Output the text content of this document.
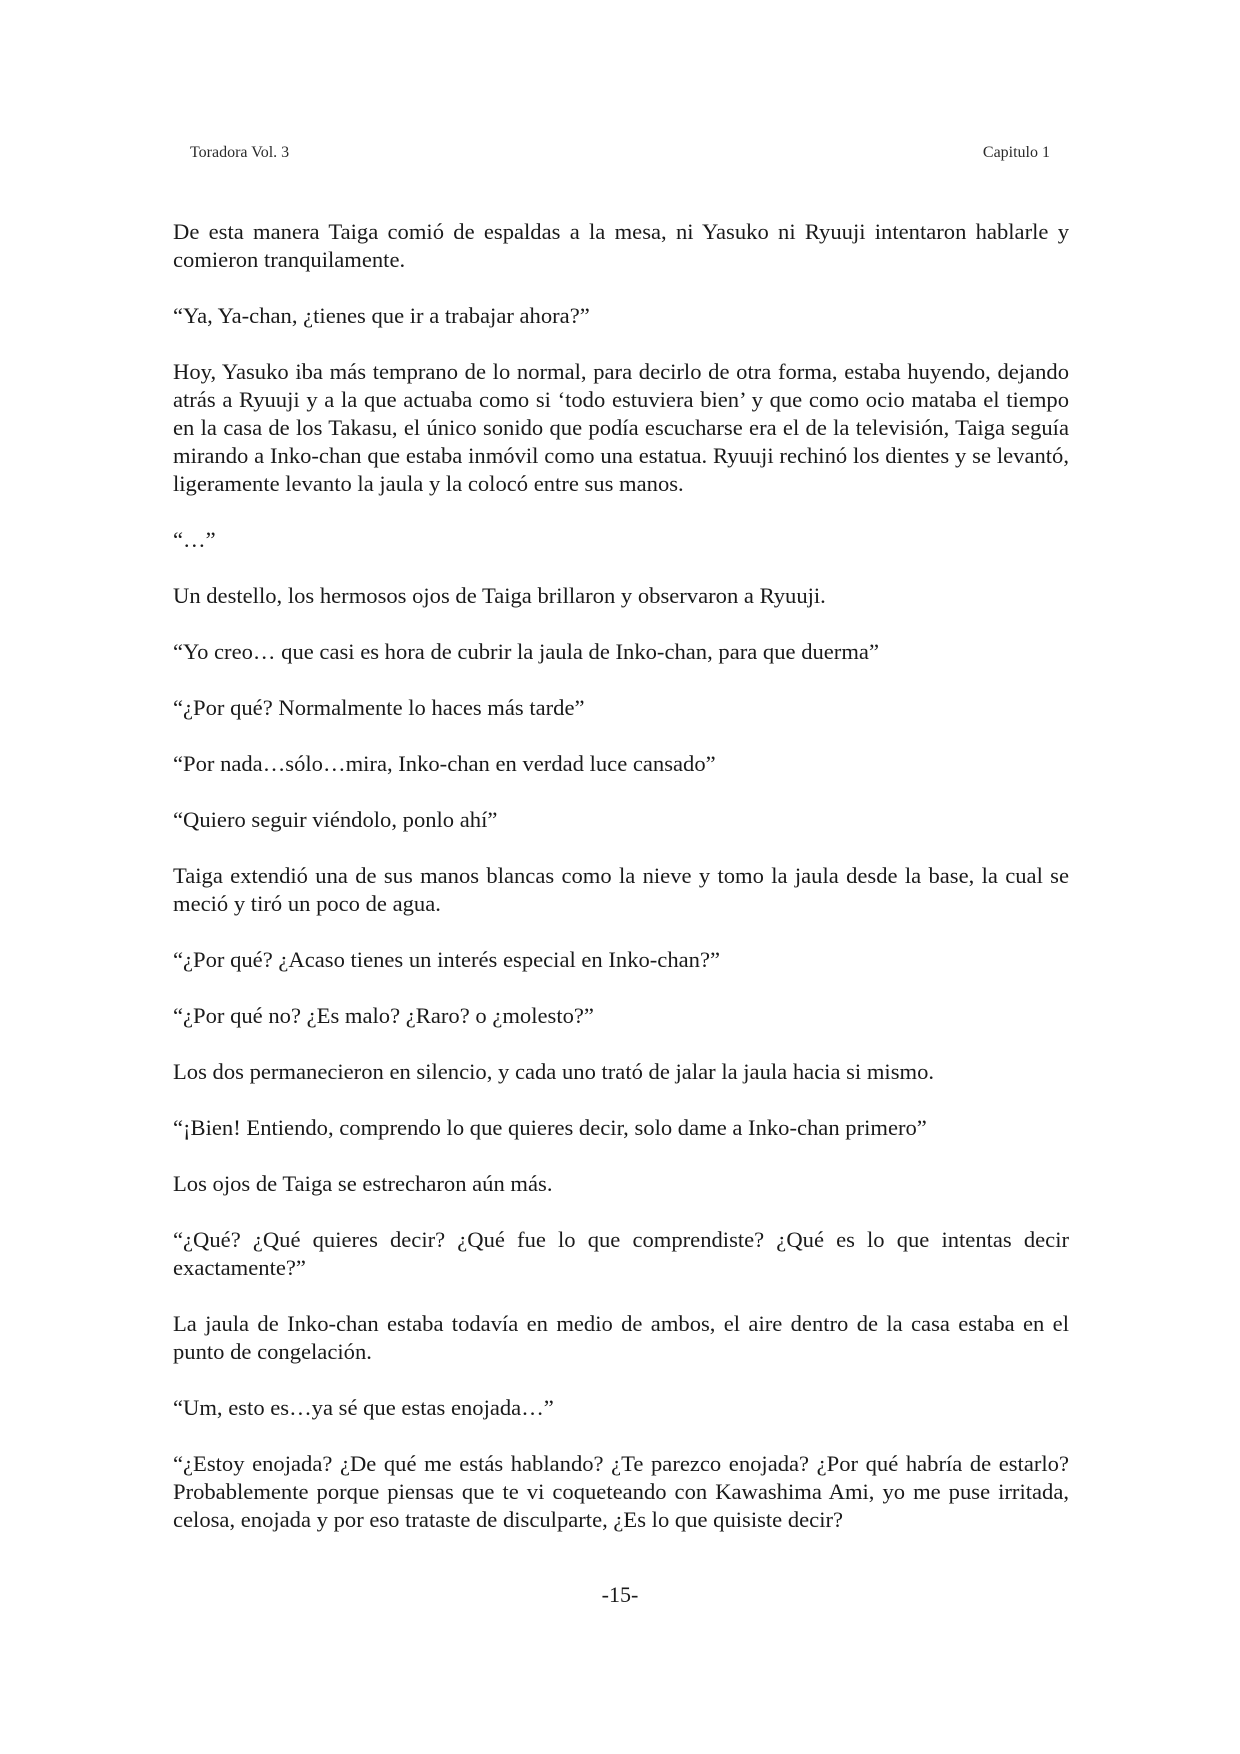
Toradora Vol. 3	Capitulo 1

De esta manera Taiga comió de espaldas a la mesa, ni Yasuko ni Ryuuji intentaron hablarle y comieron tranquilamente.

“Ya, Ya-chan, ¿tienes que ir a trabajar ahora?”

Hoy, Yasuko iba más temprano de lo normal, para decirlo de otra forma, estaba huyendo, dejando atrás a Ryuuji y a la que actuaba como si ‘todo estuviera bien’ y que como ocio mataba el tiempo en la casa de los Takasu, el único sonido que podía escucharse era el de la televisión, Taiga seguía mirando a Inko-chan que estaba inmóvil como una estatua. Ryuuji rechinó los dientes y se levantó, ligeramente levanto la jaula y la colocó entre sus manos.

“…”

Un destello, los hermosos ojos de Taiga brillaron y observaron a Ryuuji.

“Yo creo… que casi es hora de cubrir la jaula de Inko-chan, para que duerma”

“¿Por qué? Normalmente lo haces más tarde”

“Por nada…sólo…mira, Inko-chan en verdad luce cansado”

“Quiero seguir viéndolo, ponlo ahí”

Taiga extendió una de sus manos blancas como la nieve y tomo la jaula desde la base, la cual se meció y tiró un poco de agua.

“¿Por qué? ¿Acaso tienes un interés especial en Inko-chan?”

“¿Por qué no? ¿Es malo? ¿Raro? o ¿molesto?”

Los dos permanecieron en silencio, y cada uno trató de jalar la jaula hacia si mismo.

“¡Bien! Entiendo, comprendo lo que quieres decir, solo dame a Inko-chan primero”

Los ojos de Taiga se estrecharon aún más.

“¿Qué? ¿Qué quieres decir? ¿Qué fue lo que comprendiste? ¿Qué es lo que intentas decir exactamente?”

La jaula de Inko-chan estaba todavía en medio de ambos, el aire dentro de la casa estaba en el punto de congelación.

“Um, esto es…ya sé que estas enojada…”

“¿Estoy enojada? ¿De qué me estás hablando? ¿Te parezco enojada? ¿Por qué habría de estarlo? Probablemente porque piensas que te vi coqueteando con Kawashima Ami, yo me puse irritada, celosa, enojada y por eso trataste de disculparte, ¿Es lo que quisiste decir?

-15-
